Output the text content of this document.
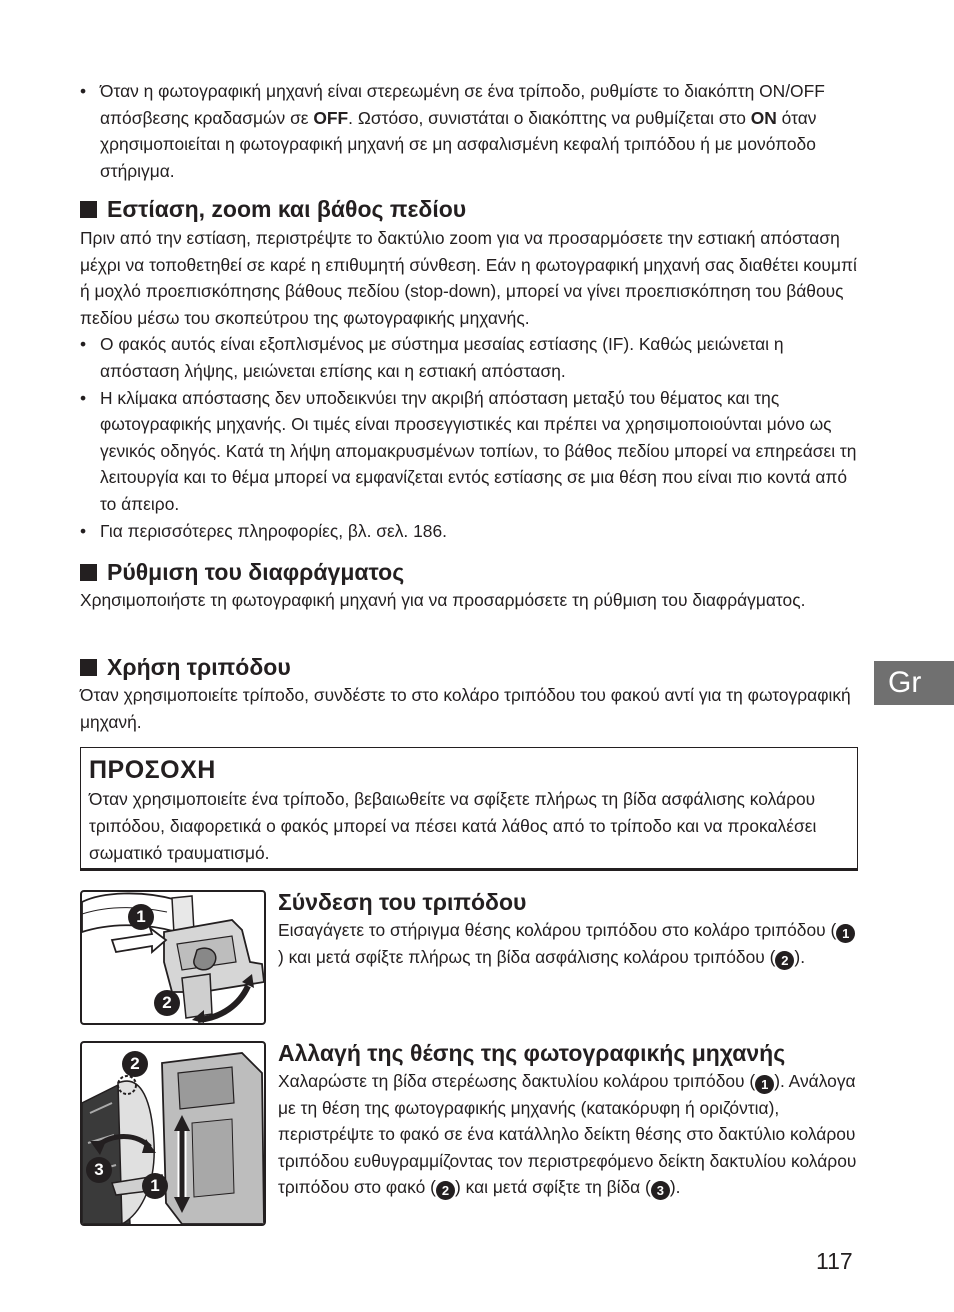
• Όταν η φωτογραφική μηχανή είναι στερεωμένη σε ένα τρίποδο, ρυθμίστε το διακόπτη ON/OFF απόσβεσης κραδασμών σε OFF. Ωστόσο, συνιστάται ο διακόπτης να ρυθμίζεται στο ON όταν χρησιμοποιείται η φωτογραφική μηχανή σε μη ασφαλισμένη κεφαλή τριπόδου ή με μονόποδο στήριγμα.
Εστίαση, zoom και βάθος πεδίου

Πριν από την εστίαση, περιστρέψτε το δακτύλιο zoom για να προσαρμόσετε την εστιακή απόσταση μέχρι να τοποθετηθεί σε καρέ η επιθυμητή σύνθεση. Εάν η φωτογραφική μηχανή σας διαθέτει κουμπί ή μοχλό προεπισκόπησης βάθους πεδίου (stop-down), μπορεί να γίνει προεπισκόπηση του βάθους πεδίου μέσω του σκοπεύτρου της φωτογραφικής μηχανής.

• Ο φακός αυτός είναι εξοπλισμένος με σύστημα μεσαίας εστίασης (IF). Καθώς μειώνεται η απόσταση λήψης, μειώνεται επίσης και η εστιακή απόσταση.
• Η κλίμακα απόστασης δεν υποδεικνύει την ακριβή απόσταση μεταξύ του θέματος και της φωτογραφικής μηχανής. Οι τιμές είναι προσεγγιστικές και πρέπει να χρησιμοποιούνται μόνο ως γενικός οδηγός. Κατά τη λήψη απομακρυσμένων τοπίων, το βάθος πεδίου μπορεί να επηρεάσει τη λειτουργία και το θέμα μπορεί να εμφανίζεται εντός εστίασης σε μια θέση που είναι πιο κοντά από το άπειρο.
• Για περισσότερες πληροφορίες, βλ. σελ. 186.
Ρύθμιση του διαφράγματος

Χρησιμοποιήστε τη φωτογραφική μηχανή για να προσαρμόσετε τη ρύθμιση του διαφράγματος.

Χρήση τριπόδου

Όταν χρησιμοποιείτε τρίποδο, συνδέστε το στο κολάρο τριπόδου του φακού αντί για τη φωτογραφική μηχανή.

ΠΡΟΣΟΧΗ

Όταν χρησιμοποιείτε ένα τρίποδο, βεβαιωθείτε να σφίξετε πλήρως τη βίδα ασφάλισης κολάρου τριπόδου, διαφορετικά ο φακός μπορεί να πέσει κατά λάθος από το τρίποδο και να προκαλέσει σωματικό τραυματισμό.

1
2
Σύνδεση του τριπόδου

Εισαγάγετε το στήριγμα θέσης κολάρου τριπόδου στο κολάρο τριπόδου ( 1) και μετά σφίξτε πλήρως τη βίδα ασφάλισης κολάρου τριπόδου ( 2 ).

2
3
1
Αλλαγή της θέσης της φωτογραφικής μηχανής

Χαλαρώστε τη βίδα στερέωσης δακτυλίου κολάρου τριπόδου ( 1 ). Ανάλογα με τη θέση της φωτογραφικής μηχανής (κατακόρυφη ή οριζόντια), περιστρέψτε το φακό σε ένα κατάλληλο δείκτη θέσης στο δακτύλιο κολάρου τριπόδου ευθυγραμμίζοντας τον περιστρεφόμενο δείκτη δακτυλίου κολάρου τριπόδου στο φακό ( 2 ) και μετά σφίξτε τη βίδα ( 3 ).

Gr
117
